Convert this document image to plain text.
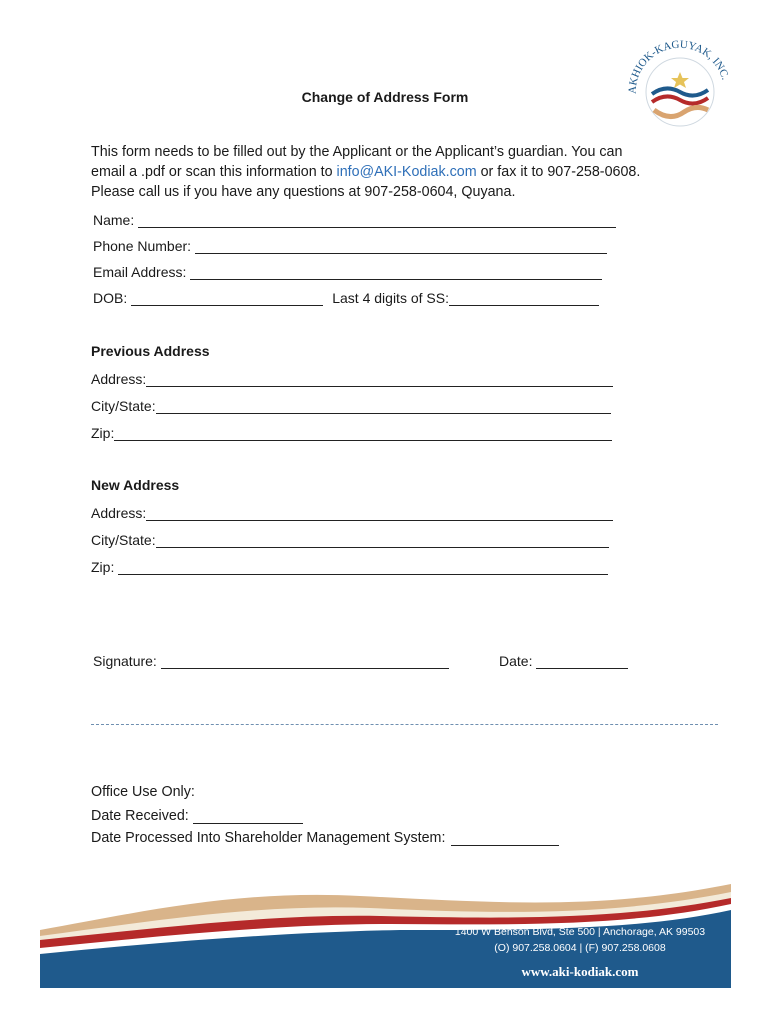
AKHIOK-KAGUYAK, INC.
Change of Address Form
This form needs to be filled out by the Applicant or the Applicant’s guardian. You can
email a .pdf or scan this information to info@AKI-Kodiak.com or fax it to 907-258-0608.
Please call us if you have any questions at 907-258-0604, Quyana.
Name:
Phone Number:
Email Address:
DOB:	Last 4 digits of SS:
Previous Address
Address:
City/State:
Zip:
New Address
Address:
City/State:
Zip:
Signature:	Date:
Office Use Only:
Date Received:
Date Processed Into Shareholder Management System:
1400 W Benson Blvd, Ste 500 | Anchorage, AK 99503
(O) 907.258.0604 | (F) 907.258.0608
www.aki-kodiak.com
